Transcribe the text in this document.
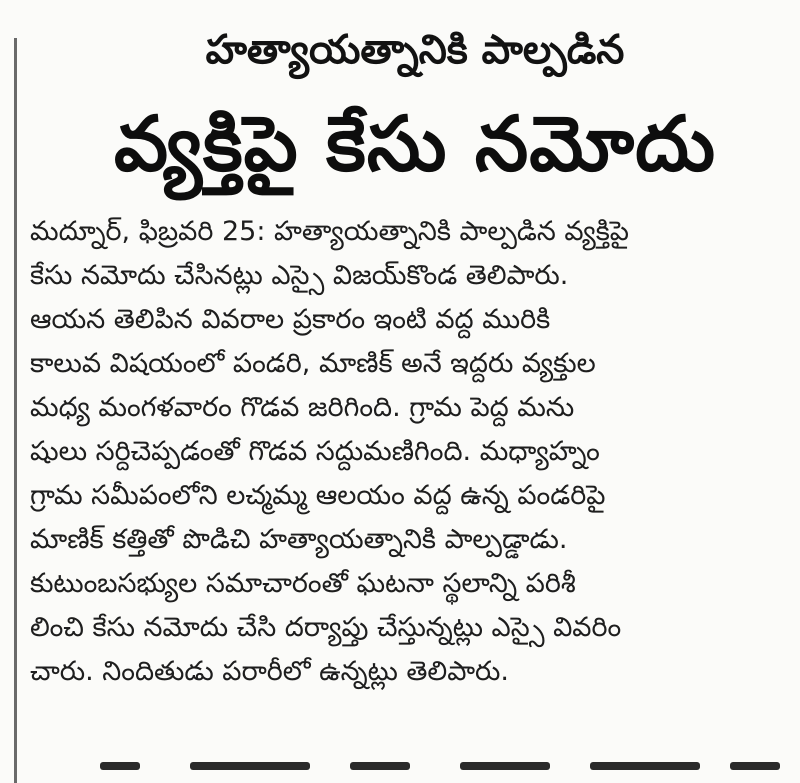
హత్యాయత్నానికి పాల్పడిన
వ్యక్తిపై కేసు నమోదు
మద్నూర్, ఫిబ్రవరి 25: హత్యాయత్నానికి పాల్పడిన వ్యక్తిపై
కేసు నమోదు చేసినట్లు ఎస్సై విజయ్‌కొండ తెలిపారు.
ఆయన తెలిపిన వివరాల ప్రకారం ఇంటి వద్ద మురికి
కాలువ విషయంలో పండరి, మాణిక్ అనే ఇద్దరు వ్యక్తుల
మధ్య మంగళవారం గొడవ జరిగింది. గ్రామ పెద్ద మను
షులు సర్దిచెప్పడంతో గొడవ సద్దుమణిగింది. మధ్యాహ్నం
గ్రామ సమీపంలోని లచ్మమ్మ ఆలయం వద్ద ఉన్న పండరిపై
మాణిక్ కత్తితో పొడిచి హత్యాయత్నానికి పాల్పడ్డాడు.
కుటుంబసభ్యుల సమాచారంతో ఘటనా స్థలాన్ని పరిశీ
లించి కేసు నమోదు చేసి దర్యాప్తు చేస్తున్నట్లు ఎస్సై వివరిం
చారు. నిందితుడు పరారీలో ఉన్నట్లు తెలిపారు.
